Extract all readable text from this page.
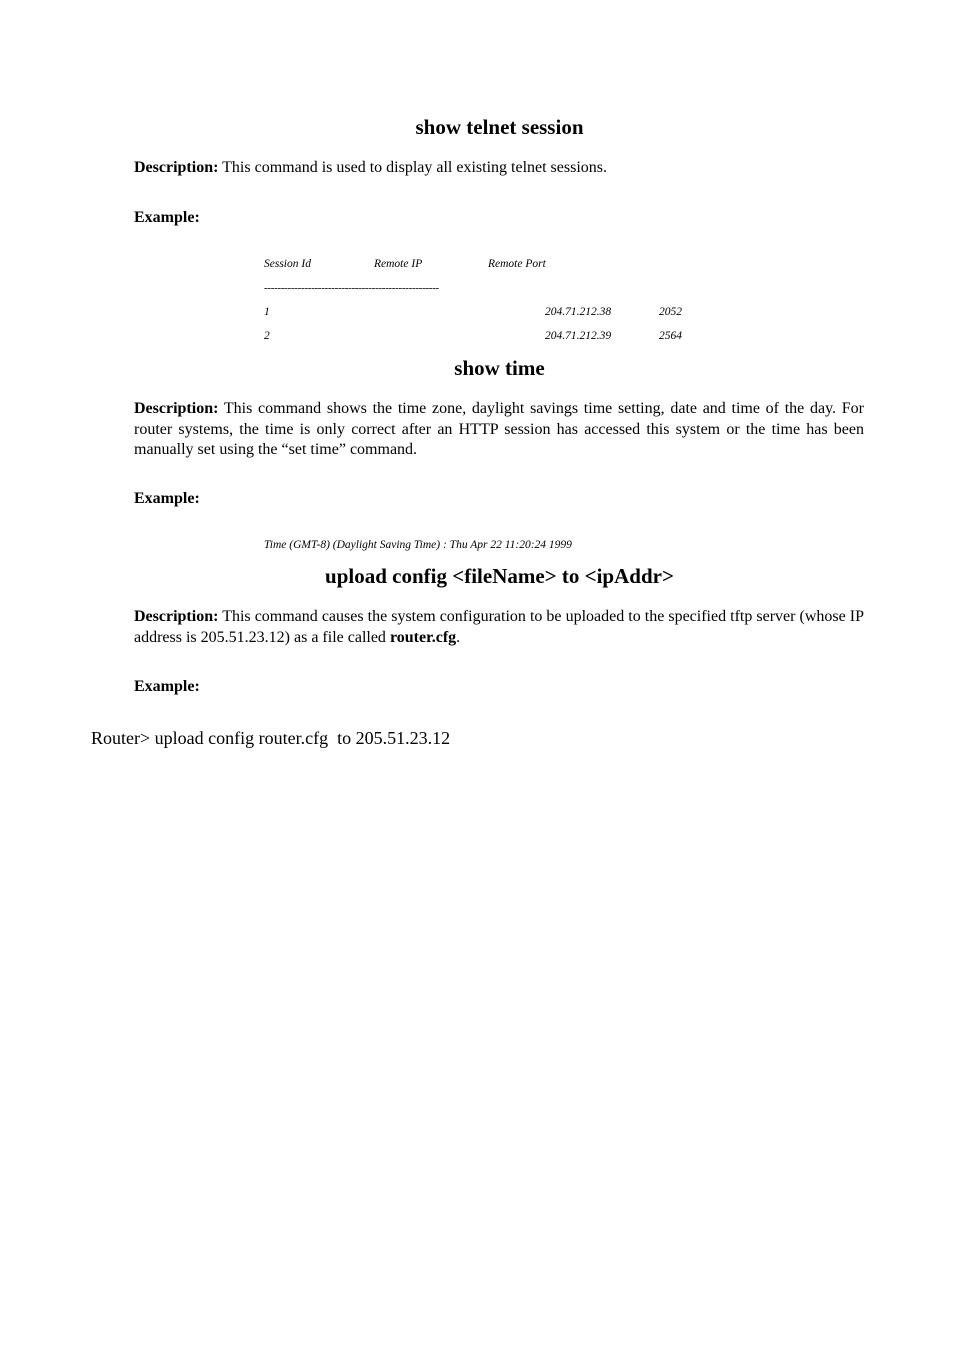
show telnet session
Description: This command is used to display all existing telnet sessions.
Example:
Session Id	Remote IP	Remote Port
----------------------------------------------------
1	204.71.212.38	2052
2	204.71.212.39	2564
show time
Description: This command shows the time zone, daylight savings time setting, date and time of the day. For router systems, the time is only correct after an HTTP session has accessed this system or the time has been manually set using the “set time” command.
Example:
Time (GMT-8) (Daylight Saving Time) : Thu Apr 22 11:20:24 1999
upload config <fileName> to <ipAddr>
Description: This command causes the system configuration to be uploaded to the specified tftp server (whose IP address is 205.51.23.12) as a file called router.cfg.
Example:
Router> upload config router.cfg  to 205.51.23.12
